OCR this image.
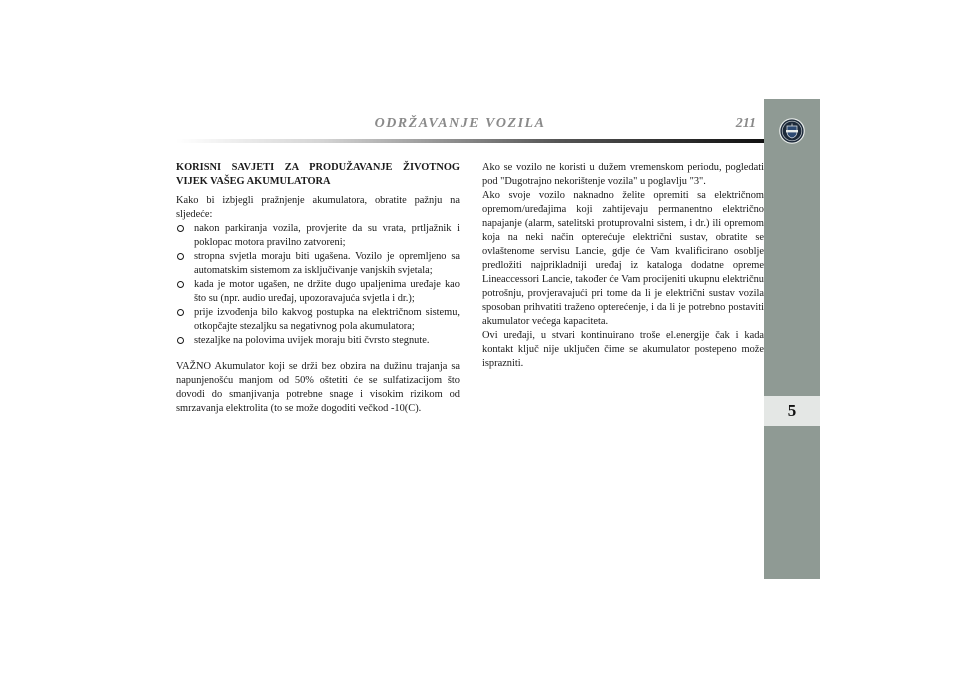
ODRŽAVANJE VOZILA	211
5
KORISNI SAVJETI ZA PRODUŽAVANJE ŽIVOTNOG VIJEK VAŠEG AKUMULATORA

Kako bi izbjegli pražnjenje akumulatora, obratite pažnju na sljedeće:

nakon parkiranja vozila, provjerite da su vrata, prtljažnik i poklopac motora pravilno zatvoreni;
stropna svjetla moraju biti ugašena. Vozilo je opremljeno sa automatskim sistemom za isključivanje vanjskih svjetala;
kada je motor ugašen, ne držite dugo upaljenima uređaje kao što su (npr. audio uređaj, upozoravajuća svjetla i dr.);
prije izvođenja bilo kakvog postupka na električnom sistemu, otkopčajte stezaljku sa negativnog pola akumulatora;
stezaljke na polovima uvijek moraju biti čvrsto stegnute.

VAŽNO Akumulator koji se drži bez obzira na dužinu trajanja sa napunjenošću manjom od 50% oštetiti će se sulfatizacijom što dovodi do smanjivanja potrebne snage i visokim rizikom od smrzavanja elektrolita (to se može dogoditi večkod -10(C).

Ako se vozilo ne koristi u dužem vremenskom periodu, pogledati pod "Dugotrajno nekorištenje vozila" u poglavlju "3".

Ako svoje vozilo naknadno želite opremiti sa električnom opremom/uređajima koji zahtijevaju permanentno električno napajanje (alarm, satelitski protuprovalni sistem, i dr.) ili opremom koja na neki način opterećuje električni sustav, obratite se ovlaštenome servisu Lancie, gdje će Vam kvalificirano osoblje predložiti najprikladniji uređaj iz kataloga dodatne opreme Lineaccessori Lancie, također će Vam procijeniti ukupnu električnu potrošnju, provjeravajući pri tome da li je električni sustav vozila sposoban prihvatiti traženo opterećenje, i da li je potrebno postaviti akumulator većega kapaciteta.

Ovi uređaji, u stvari kontinuirano troše el.energije čak i kada kontakt ključ nije uključen čime se akumulator postepeno može isprazniti.
